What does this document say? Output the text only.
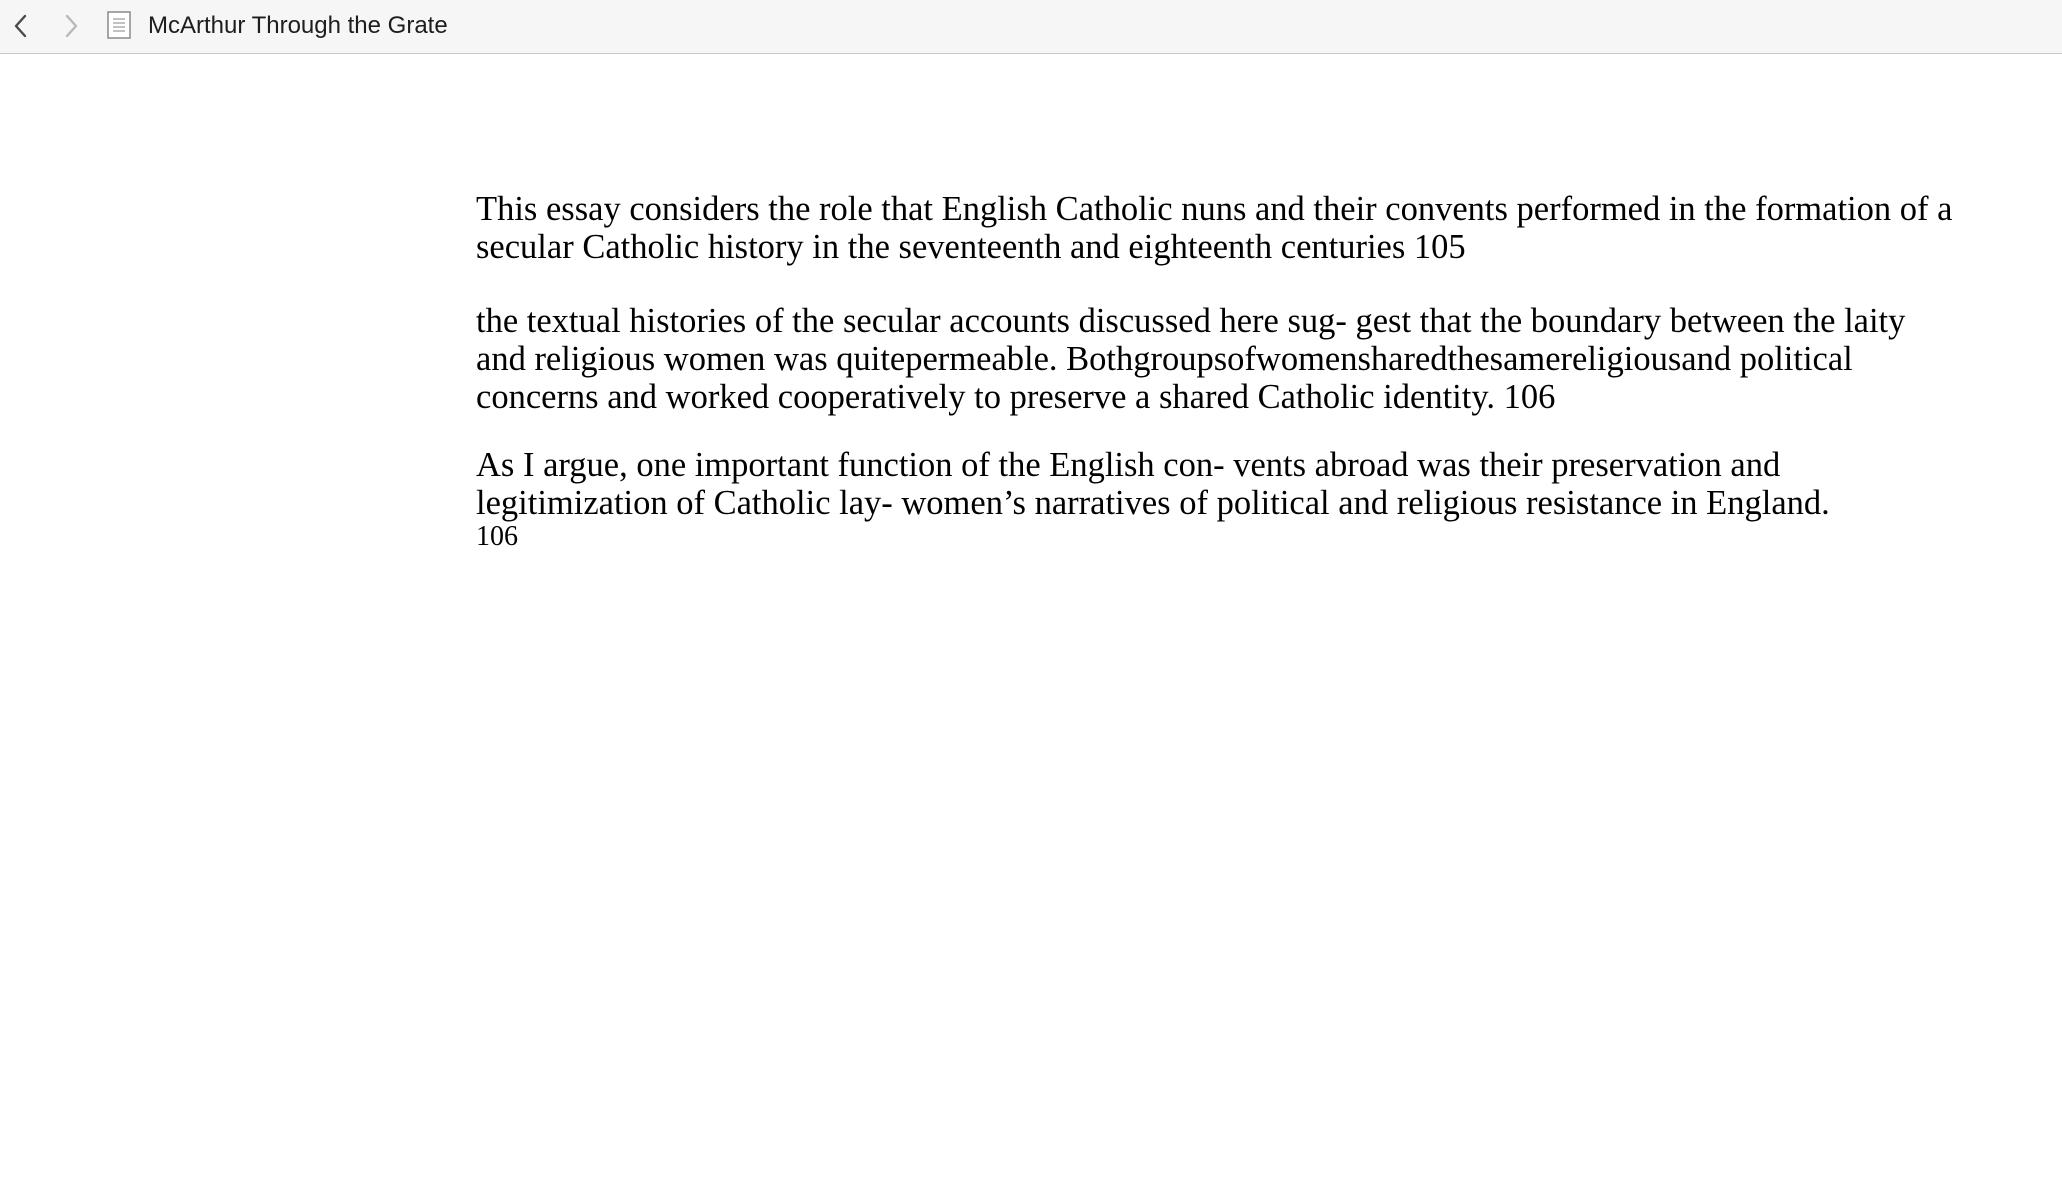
McArthur Through the Grate

This essay considers the role that English Catholic nuns and their convents performed in the formation of a secular Catholic history in the seventeenth and eighteenth centuries 105

the textual histories of the secular accounts discussed here sug- gest that the boundary between the laity and religious women was quitepermeable. Bothgroupsofwomensharedthesamereligiousand political concerns and worked cooperatively to preserve a shared Catholic identity. 106

As I argue, one important function of the English con- vents abroad was their preservation and legitimization of Catholic lay- women’s narratives of political and religious resistance in England.
106
